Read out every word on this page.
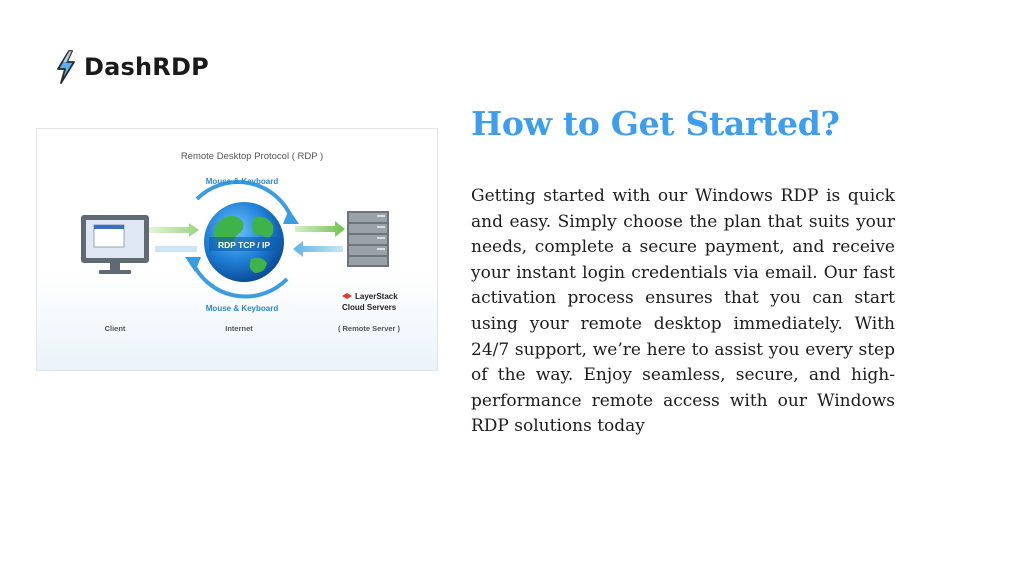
DashRDP
Remote Desktop Protocol ( RDP )
Mouse & Keyboard
Mouse & Keyboard
RDP TCP / IP
LayerStack
Cloud Servers
Client	Internet	( Remote Server )
How to Get Started?

Getting started with our Windows RDP is quick and easy. Simply choose the plan that suits your needs, complete a secure payment, and receive your instant login credentials via email. Our fast activation process ensures that you can start using your remote desktop immediately. With 24/7 support, we’re here to assist you every step of the way. Enjoy seamless, secure, and high-performance remote access with our Windows RDP solutions today
